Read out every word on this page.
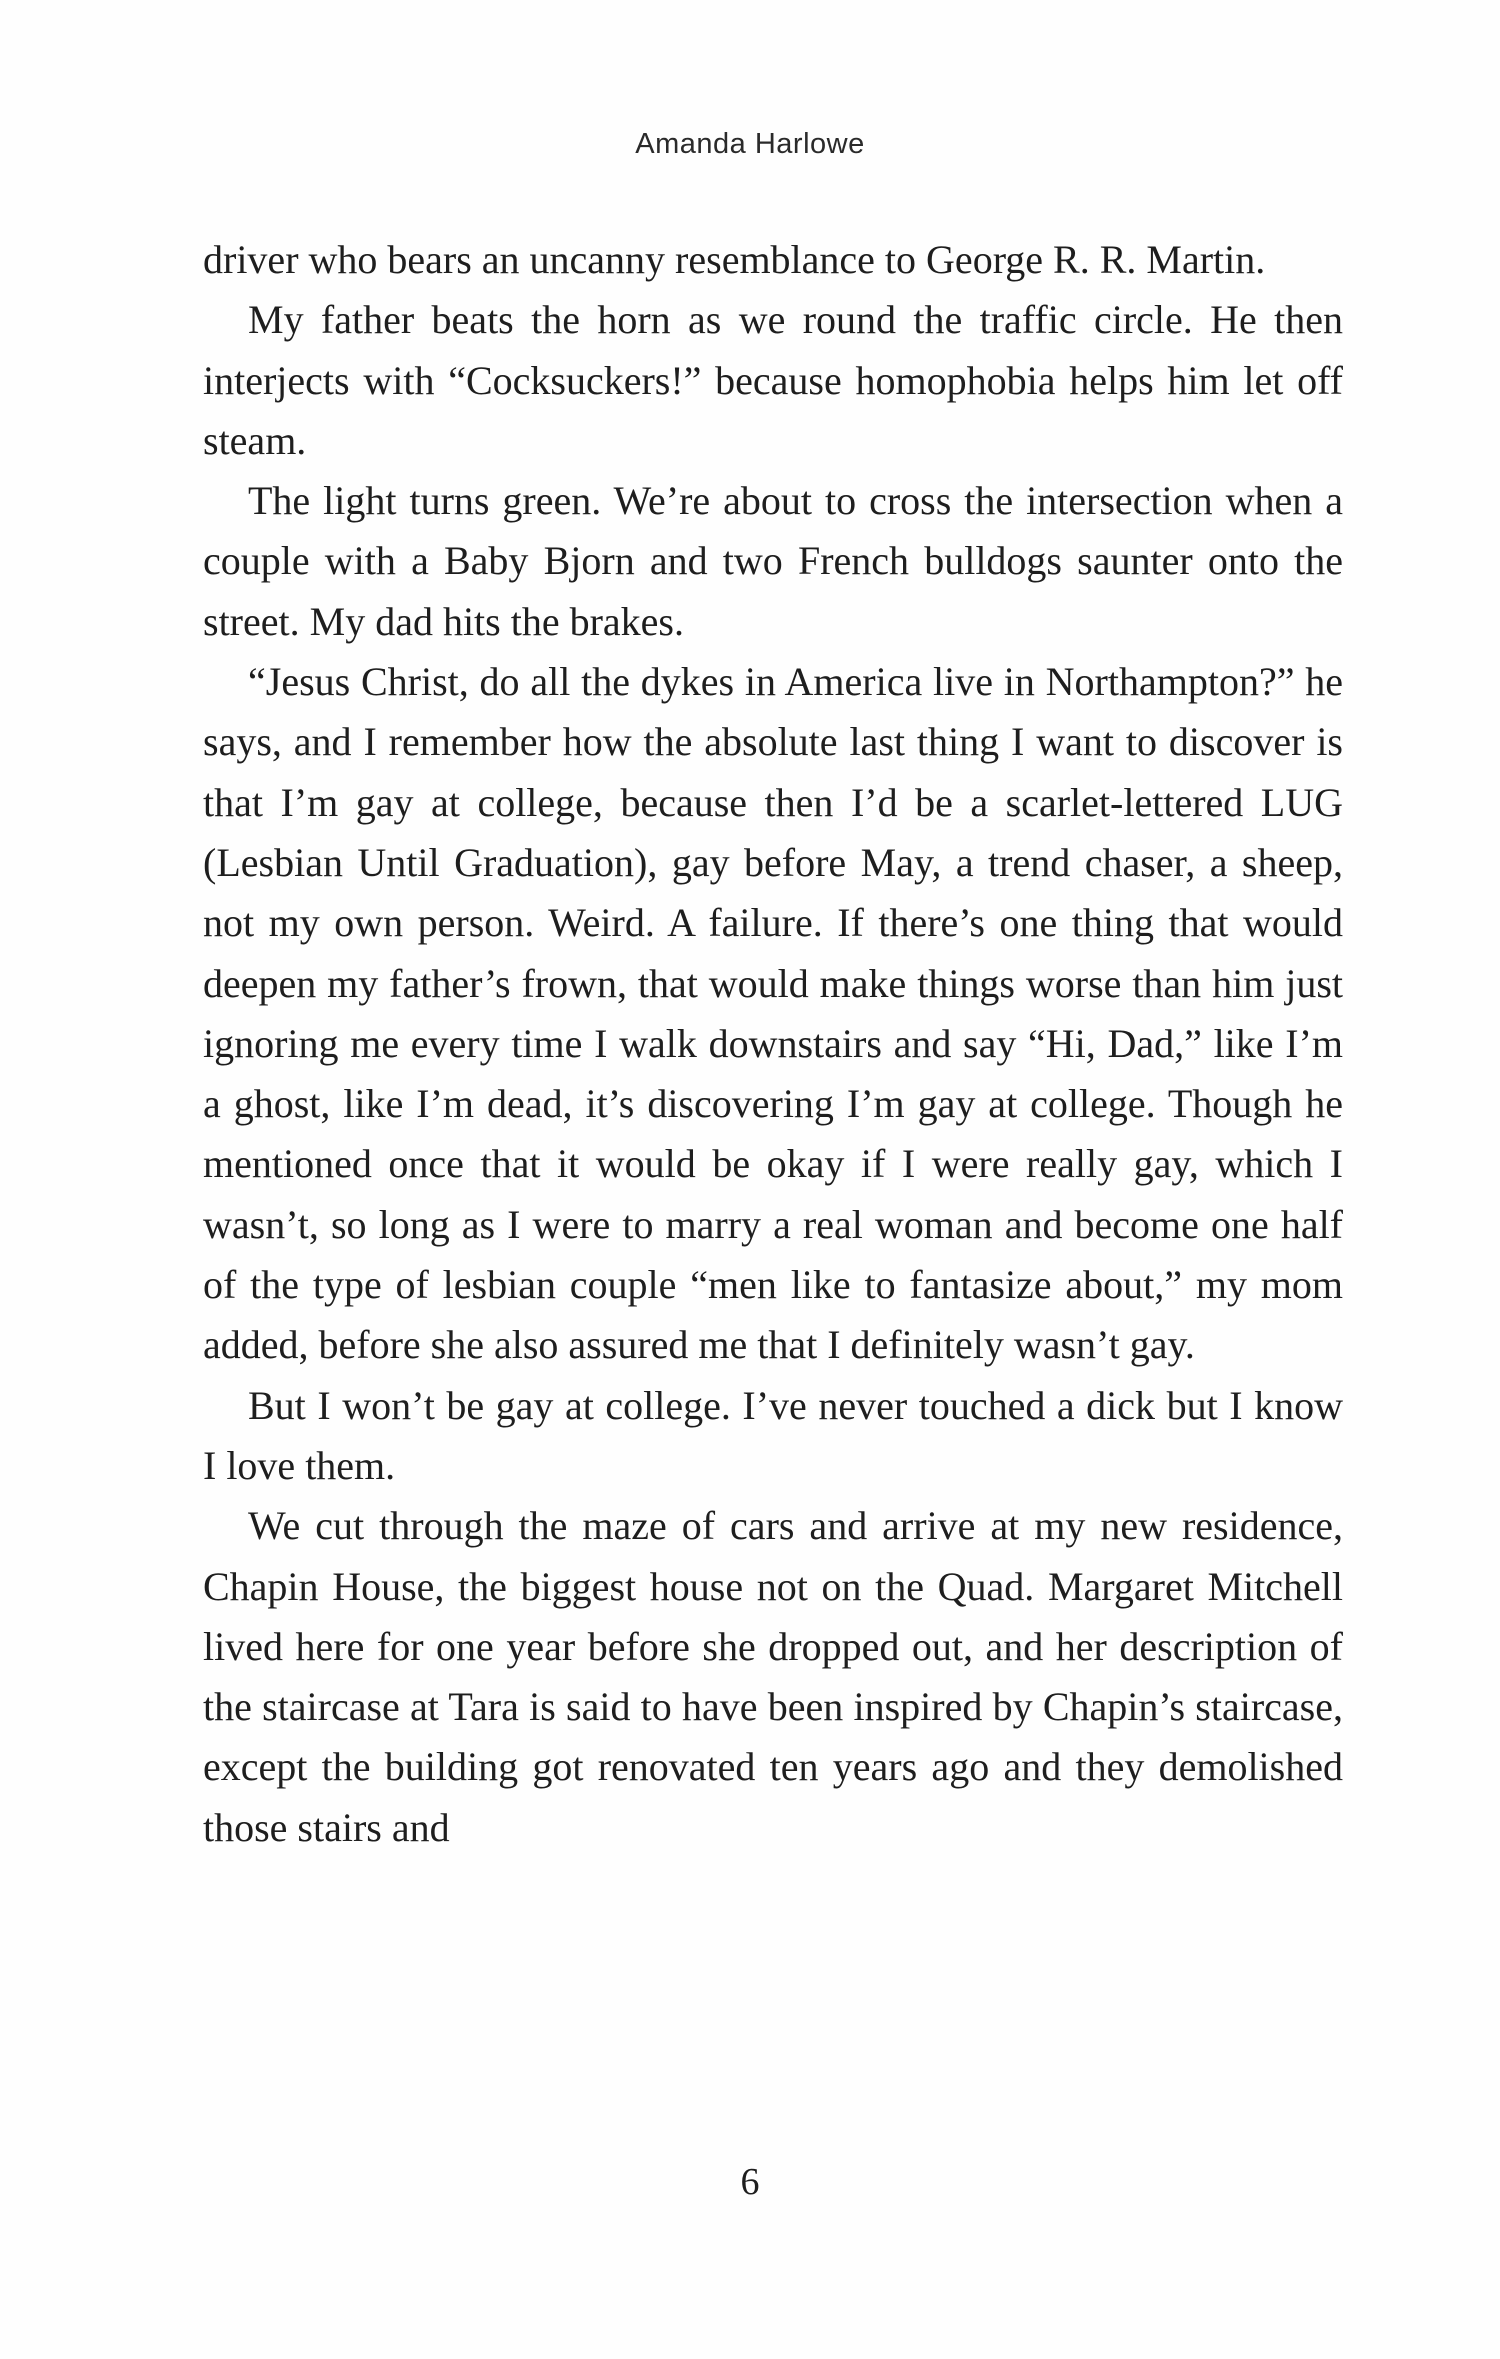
Amanda Harlowe

driver who bears an uncanny resemblance to George R. R. Martin.

My father beats the horn as we round the traffic circle. He then interjects with “Cocksuckers!” because homophobia helps him let off steam.

The light turns green. We’re about to cross the intersection when a couple with a Baby Bjorn and two French bulldogs saunter onto the street. My dad hits the brakes.

“Jesus Christ, do all the dykes in America live in Northampton?” he says, and I remember how the absolute last thing I want to discover is that I’m gay at college, because then I’d be a scarlet-lettered LUG (Lesbian Until Graduation), gay before May, a trend chaser, a sheep, not my own person. Weird. A failure. If there’s one thing that would deepen my father’s frown, that would make things worse than him just ignoring me every time I walk downstairs and say “Hi, Dad,” like I’m a ghost, like I’m dead, it’s discovering I’m gay at college. Though he mentioned once that it would be okay if I were really gay, which I wasn’t, so long as I were to marry a real woman and become one half of the type of lesbian couple “men like to fantasize about,” my mom added, before she also assured me that I definitely wasn’t gay.

But I won’t be gay at college. I’ve never touched a dick but I know I love them.

We cut through the maze of cars and arrive at my new residence, Chapin House, the biggest house not on the Quad. Margaret Mitchell lived here for one year before she dropped out, and her description of the staircase at Tara is said to have been inspired by Chapin’s staircase, except the building got renovated ten years ago and they demolished those stairs and

6
